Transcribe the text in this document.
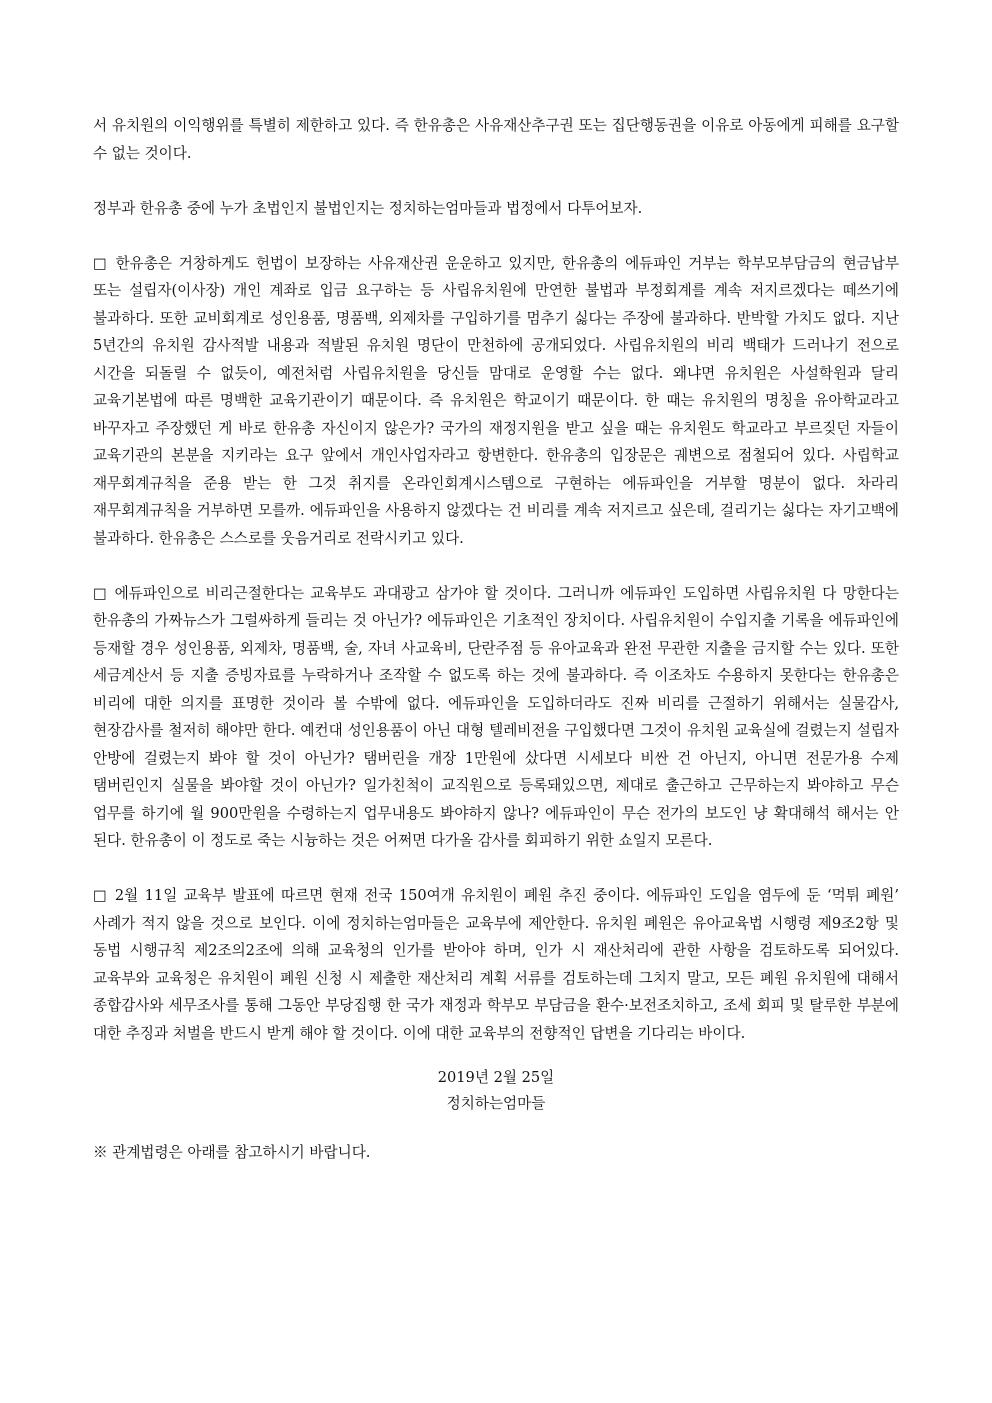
서 유치원의 이익행위를 특별히 제한하고 있다. 즉 한유총은 사유재산추구권 또는 집단행동권을 이유로 아동에게 피해를 요구할 수 없는 것이다.

정부과 한유총 중에 누가 초법인지 불법인지는 정치하는엄마들과 법정에서 다투어보자.

□ 한유총은 거창하게도 헌법이 보장하는 사유재산권 운운하고 있지만, 한유총의 에듀파인 거부는 학부모부담금의 현금납부 또는 설립자(이사장) 개인 계좌로 입금 요구하는 등 사립유치원에 만연한 불법과 부정회계를 계속 저지르겠다는 떼쓰기에 불과하다. 또한 교비회계로 성인용품, 명품백, 외제차를 구입하기를 멈추기 싫다는 주장에 불과하다. 반박할 가치도 없다. 지난 5년간의 유치원 감사적발 내용과 적발된 유치원 명단이 만천하에 공개되었다. 사립유치원의 비리 백태가 드러나기 전으로 시간을 되돌릴 수 없듯이, 예전처럼 사립유치원을 당신들 맘대로 운영할 수는 없다. 왜냐면 유치원은 사설학원과 달리 교육기본법에 따른 명백한 교육기관이기 때문이다. 즉 유치원은 학교이기 때문이다. 한 때는 유치원의 명칭을 유아학교라고 바꾸자고 주장했던 게 바로 한유총 자신이지 않은가? 국가의 재정지원을 받고 싶을 때는 유치원도 학교라고 부르짖던 자들이 교육기관의 본분을 지키라는 요구 앞에서 개인사업자라고 항변한다. 한유총의 입장문은 궤변으로 점철되어 있다. 사립학교 재무회계규칙을 준용 받는 한 그것 취지를 온라인회계시스템으로 구현하는 에듀파인을 거부할 명분이 없다. 차라리 재무회계규칙을 거부하면 모를까. 에듀파인을 사용하지 않겠다는 건 비리를 계속 저지르고 싶은데, 걸리기는 싫다는 자기고백에 불과하다. 한유총은 스스로를 웃음거리로 전락시키고 있다.

□ 에듀파인으로 비리근절한다는 교육부도 과대광고 삼가야 할 것이다. 그러니까 에듀파인 도입하면 사립유치원 다 망한다는 한유총의 가짜뉴스가 그럴싸하게 들리는 것 아닌가? 에듀파인은 기초적인 장치이다. 사립유치원이 수입지출 기록을 에듀파인에 등재할 경우 성인용품, 외제차, 명품백, 술, 자녀 사교육비, 단란주점 등 유아교육과 완전 무관한 지출을 금지할 수는 있다. 또한 세금계산서 등 지출 증빙자료를 누락하거나 조작할 수 없도록 하는 것에 불과하다. 즉 이조차도 수용하지 못한다는 한유총은 비리에 대한 의지를 표명한 것이라 볼 수밖에 없다. 에듀파인을 도입하더라도 진짜 비리를 근절하기 위해서는 실물감사, 현장감사를 철저히 해야만 한다. 예컨대 성인용품이 아닌 대형 텔레비전을 구입했다면 그것이 유치원 교육실에 걸렸는지 설립자 안방에 걸렸는지 봐야 할 것이 아닌가? 탬버린을 개장 1만원에 샀다면 시세보다 비싼 건 아닌지, 아니면 전문가용 수제 탬버린인지 실물을 봐야할 것이 아닌가? 일가친척이 교직원으로 등록돼있으면, 제대로 출근하고 근무하는지 봐야하고 무슨 업무를 하기에 월 900만원을 수령하는지 업무내용도 봐야하지 않나? 에듀파인이 무슨 전가의 보도인 냥 확대해석 해서는 안 된다. 한유총이 이 정도로 죽는 시늉하는 것은 어쩌면 다가올 감사를 회피하기 위한 쇼일지 모른다.

□ 2월 11일 교육부 발표에 따르면 현재 전국 150여개 유치원이 폐원 추진 중이다. 에듀파인 도입을 염두에 둔 ‘먹튀 폐원’ 사례가 적지 않을 것으로 보인다. 이에 정치하는엄마들은 교육부에 제안한다. 유치원 폐원은 유아교육법 시행령 제9조2항 및 동법 시행규칙 제2조의2조에 의해 교육청의 인가를 받아야 하며, 인가 시 재산처리에 관한 사항을 검토하도록 되어있다. 교육부와 교육청은 유치원이 폐원 신청 시 제출한 재산처리 계획 서류를 검토하는데 그치지 말고, 모든 폐원 유치원에 대해서 종합감사와 세무조사를 통해 그동안 부당집행 한 국가 재정과 학부모 부담금을 환수·보전조치하고, 조세 회피 및 탈루한 부분에 대한 추징과 처벌을 반드시 받게 해야 할 것이다. 이에 대한 교육부의 전향적인 답변을 기다리는 바이다.

2019년 2월 25일
정치하는엄마들
※ 관계법령은 아래를 참고하시기 바랍니다.
